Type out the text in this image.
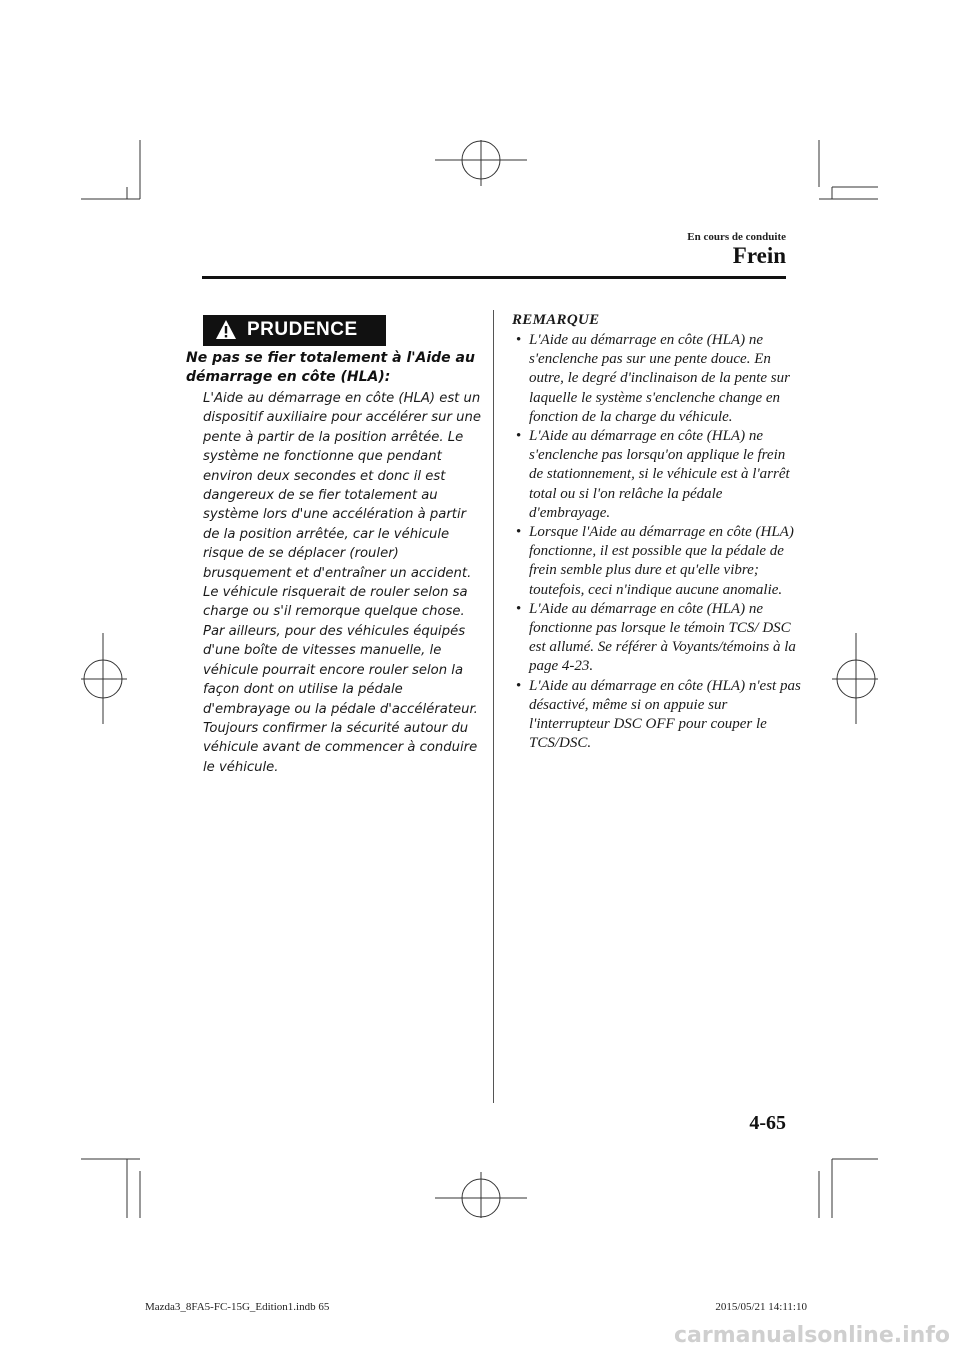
En cours de conduite
Frein
PRUDENCE
Ne pas se fier totalement à l'Aide au démarrage en côte (HLA):

L'Aide au démarrage en côte (HLA) est un dispositif auxiliaire pour accélérer sur une pente à partir de la position arrêtée. Le système ne fonctionne que pendant environ deux secondes et donc il est dangereux de se fier totalement au système lors d'une accélération à partir de la position arrêtée, car le véhicule risque de se déplacer (rouler) brusquement et d'entraîner un accident.

Le véhicule risquerait de rouler selon sa charge ou s'il remorque quelque chose. Par ailleurs, pour des véhicules équipés d'une boîte de vitesses manuelle, le véhicule pourrait encore rouler selon la façon dont on utilise la pédale d'embrayage ou la pédale d'accélérateur.

Toujours confirmer la sécurité autour du véhicule avant de commencer à conduire le véhicule.

REMARQUE
• L'Aide au démarrage en côte (HLA) ne s'enclenche pas sur une pente douce. En outre, le degré d'inclinaison de la pente sur laquelle le système s'enclenche change en fonction de la charge du véhicule.
• L'Aide au démarrage en côte (HLA) ne s'enclenche pas lorsqu'on applique le frein de stationnement, si le véhicule est à l'arrêt total ou si l'on relâche la pédale d'embrayage.
• Lorsque l'Aide au démarrage en côte (HLA) fonctionne, il est possible que la pédale de frein semble plus dure et qu'elle vibre; toutefois, ceci n'indique aucune anomalie.
• L'Aide au démarrage en côte (HLA) ne fonctionne pas lorsque le témoin TCS/ DSC est allumé. Se référer à Voyants/témoins à la page 4-23.
• L'Aide au démarrage en côte (HLA) n'est pas désactivé, même si on appuie sur l'interrupteur DSC OFF pour couper le TCS/DSC.
4-65
Mazda3_8FA5-FC-15G_Edition1.indb 65	2015/05/21 14:11:10
carmanualsonline.info
